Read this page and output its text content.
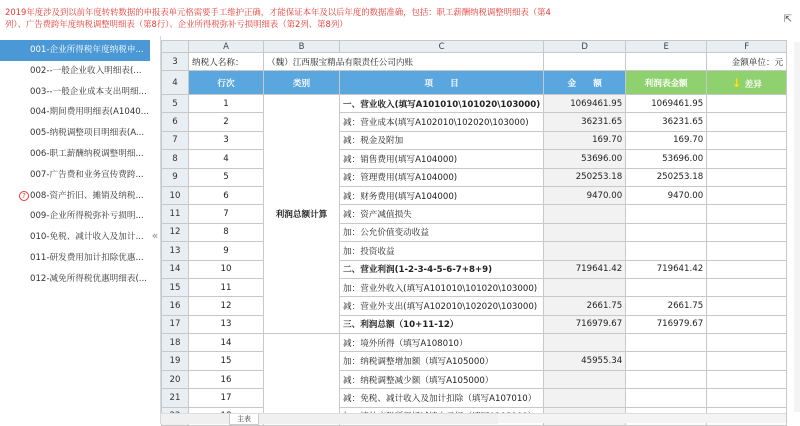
2019年度涉及到以前年度转转数据的申报表单元格需要手工维护正确，才能保证本年及以后年度的数据准确，包括：职工薪酬纳税调整明细表（第4
列）、广告费跨年度纳税调整明细表（第8行）、企业所得税弥补亏损明细表（第2列、第8列）	⇱
001-企业所得税年度纳税申...
002--一般企业收入明细表(...
003--一般企业成本支出明细...
004-期间费用明细表(A1040...
005-纳税调整项目明细表(A...
006-职工薪酬纳税调整明细...
007-广告费和业务宣传费跨...
008-资产折旧、摊销及纳税...
?
009-企业所得税弥补亏损明...
010-免税、减计收入及加计...
011-研发费用加计扣除优惠...
012-减免所得税优惠明细表(...
«
	A	B	C	D	E	F
3	纳税人名称：	（魏）江西服宝精品有限责任公司内账				金额单位：元
4	行次	类别	项　　目	金　　额	利润表金额	↓ 差异
5	1	利润总额计算	一、营业收入(填写A101010\101020\103000)	1069461.95	1069461.95	
6	2		减：营业成本(填写A102010\102020\103000)	36231.65	36231.65	
7	3		减：税金及附加	169.70	169.70	
8	4		减：销售费用(填写A104000)	53696.00	53696.00	
9	5		减：管理费用(填写A104000)	250253.18	250253.18	
10	6		减：财务费用(填写A104000)	9470.00	9470.00	
11	7		减：资产减值损失			
12	8		加：公允价值变动收益			
13	9		加：投资收益			
14	10		二、营业利润(1-2-3-4-5-6-7+8+9)	719641.42	719641.42	
15	11		加：营业外收入(填写A101010\101020\103000)			
16	12		减：营业外支出(填写A102010\102020\103000)	2661.75	2661.75	
17	13		三、利润总额（10+11-12）	716979.67	716979.67	
18	14		减：境外所得（填写A108010）			
19	15		加：纳税调整增加额（填写A105000）	45955.34		
20	16		减：纳税调整减少额（填写A105000）			
21	17		减：免税、减计收入及加计扣除（填写A107010）			

主表
